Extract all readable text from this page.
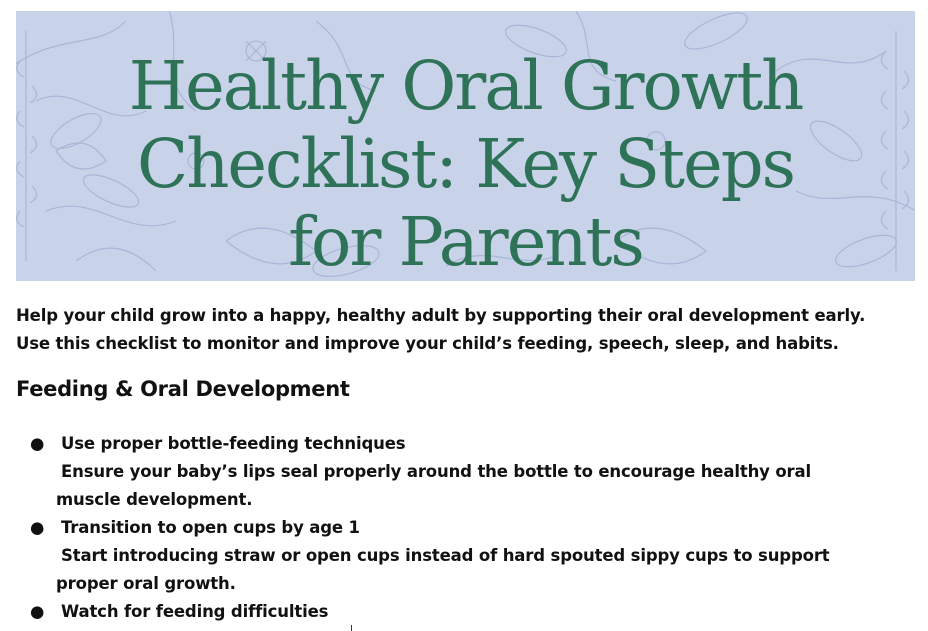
Healthy Oral Growth
Checklist: Key Steps
for Parents

Help your child grow into a happy, healthy adult by supporting their oral development early.
Use this checklist to monitor and improve your child’s feeding, speech, sleep, and habits.

Feeding & Oral Development
●	Use proper bottle-feeding techniques
Ensure your baby’s lips seal properly around the bottle to encourage healthy oral
muscle development.
●	Transition to open cups by age 1
Start introducing straw or open cups instead of hard spouted sippy cups to support
proper oral growth.
●	Watch for feeding difficulties
